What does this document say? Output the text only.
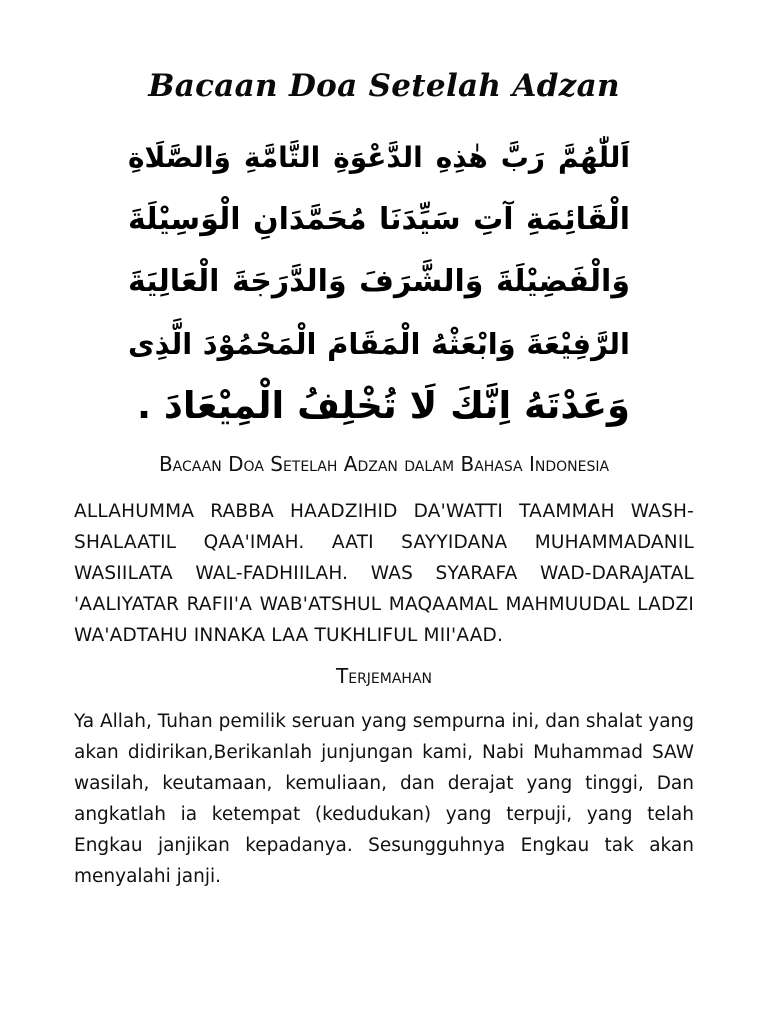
Bacaan Doa Setelah Adzan
اَللّٰهُمَّ رَبَّ هٰذِهِ الدَّعْوَةِ التَّامَّةِ وَالصَّلَاةِ
الْقَائِمَةِ آتِ سَيِّدَنَا مُحَمَّدَانِ الْوَسِيْلَةَ
وَالْفَضِيْلَةَ وَالشَّرَفَ وَالدَّرَجَةَ الْعَالِيَةَ
الرَّفِيْعَةَ وَابْعَثْهُ الْمَقَامَ الْمَحْمُوْدَ الَّذِى
وَعَدْتَهُ اِنَّكَ لَا تُخْلِفُ الْمِيْعَادَ .
Bacaan Doa Setelah Adzan dalam Bahasa Indonesia

ALLAHUMMA RABBA HAADZIHID DA'WATTI TAAMMAH WASH-SHALAATIL QAA'IMAH. AATI SAYYIDANA MUHAMMADANIL WASIILATA WAL-FADHIILAH. WAS SYARAFA WAD-DARAJATAL 'AALIYATAR RAFII'A WAB'ATSHUL MAQAAMAL MAHMUUDAL LADZI WA'ADTAHU INNAKA LAA TUKHLIFUL MII'AAD.

Terjemahan

Ya Allah, Tuhan pemilik seruan yang sempurna ini, dan shalat yang akan didirikan,Berikanlah junjungan kami, Nabi Muhammad SAW wasilah, keutamaan, kemuliaan, dan derajat yang tinggi, Dan angkatlah ia ketempat (kedudukan) yang terpuji, yang telah Engkau janjikan kepadanya. Sesungguhnya Engkau tak akan menyalahi janji.
